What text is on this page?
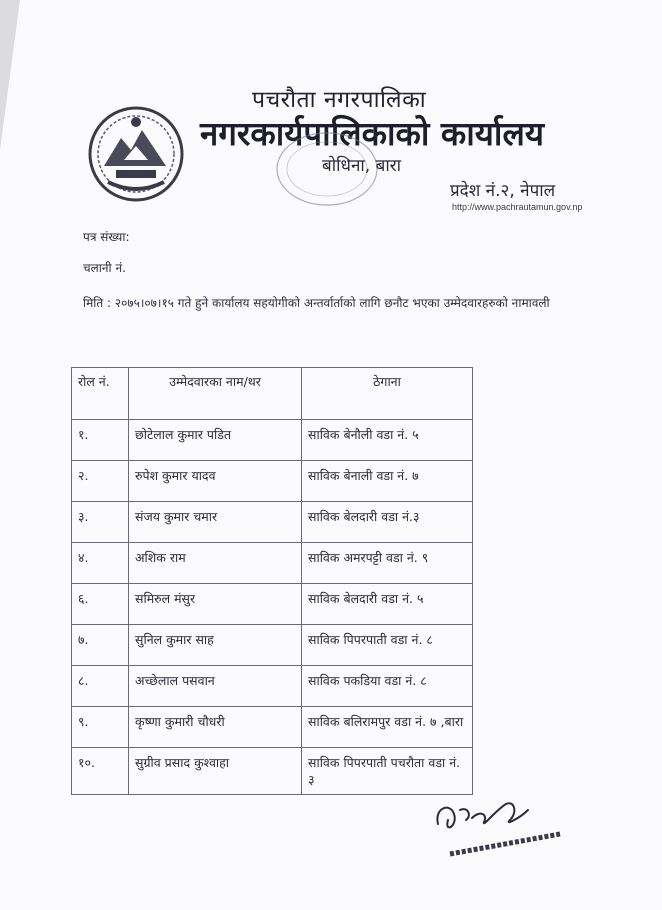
पचरौता नगरपालिका
नगरकार्यपालिकाको कार्यालय
बोधिना, बारा
प्रदेश नं.२, नेपाल
http://www.pachrautamun.gov.np
पत्र संख्या:
चलानी नं.
मिति : २०७५।०७।१५ गते हुने कार्यालय सहयोगीको अन्तर्वार्ताको लागि छनौट भएका उम्मेदवारहरुको नामावली
रोल नं.	उम्मेदवारका नाम/थर	ठेगाना
१.	छोटेलाल कुमार पडित	साविक बेनौली वडा नं. ५
२.	रुपेश कुमार यादव	साविक बेनाली वडा नं. ७
३.	संजय कुमार चमार	साविक बेलदारी वडा नं.३
४.	अशिक राम	साविक अमरपट्टी वडा नं. ९
६.	समिरुल मंसुर	साविक बेलदारी वडा नं. ५
७.	सुनिल कुमार साह	साविक पिपरपाती वडा नं. ८
८.	अच्छेलाल पसवान	साविक पकडिया वडा नं. ८
९.	कृष्णा कुमारी चौधरी	साविक बलिरामपुर वडा नं. ७ ,बारा
१०.	सुग्रीव प्रसाद कुश्वाहा	साविक पिपरपाती पचरौता वडा नं. ३
